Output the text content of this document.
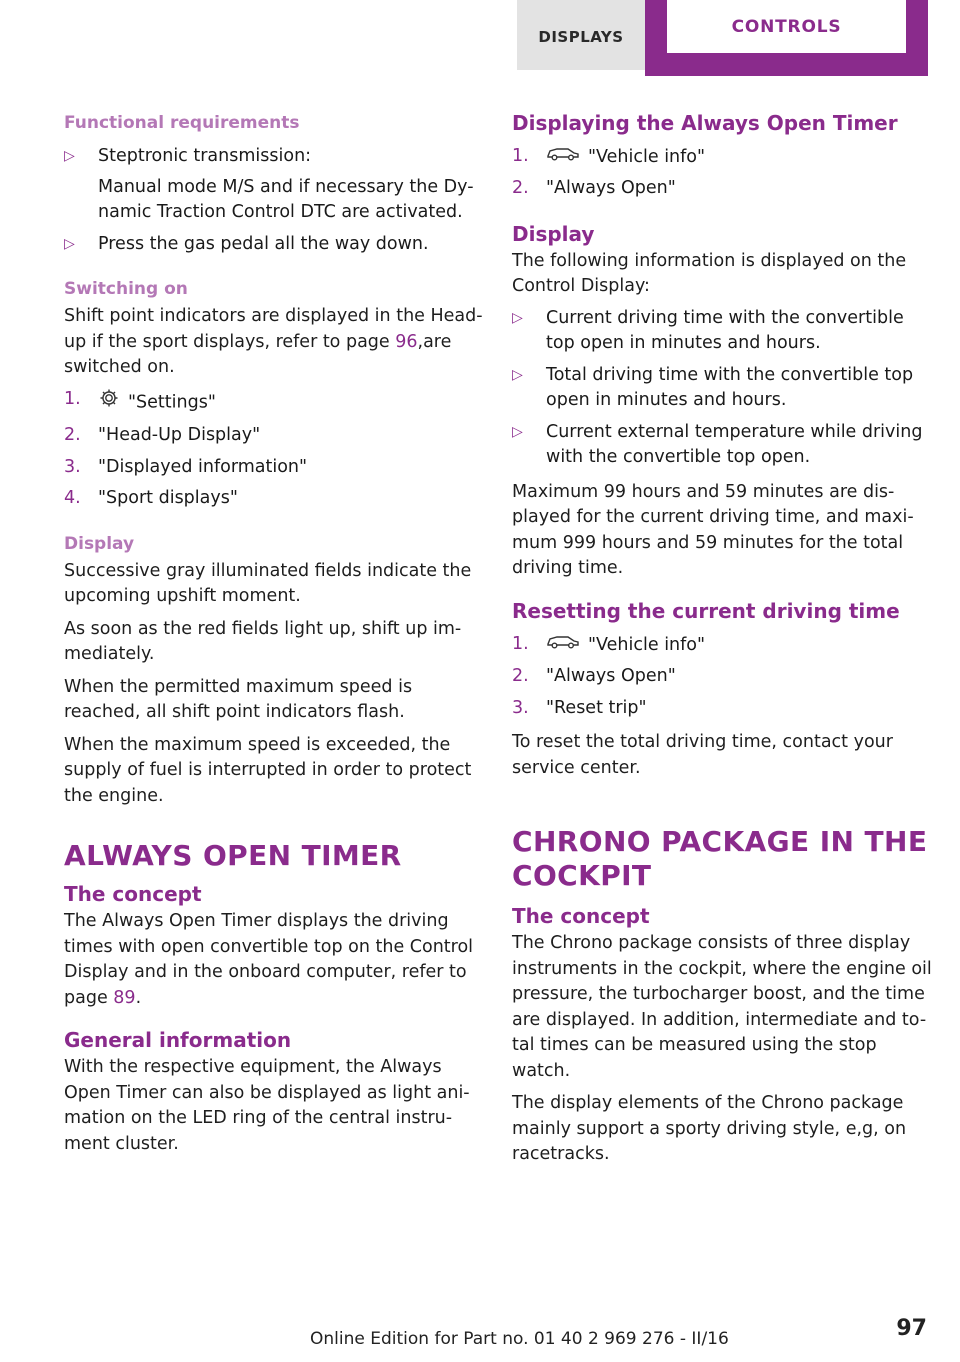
DISPLAYS
CONTROLS
Functional requirements
▷ Steptronic transmission:
Manual mode M/S and if necessary the Dy-namic Traction Control DTC are activated.
▷ Press the gas pedal all the way down.
Switching on
Shift point indicators are displayed in the Head-up if the sport displays, refer to page 96,are switched on.
1.	"Settings"
2. "Head-Up Display"
3. "Displayed information"
4. "Sport displays"
Display
Successive gray illuminated fields indicate the upcoming upshift moment.
As soon as the red fields light up, shift up im-mediately.
When the permitted maximum speed is reached, all shift point indicators flash.
When the maximum speed is exceeded, the supply of fuel is interrupted in order to protect the engine.
ALWAYS OPEN TIMER
The concept
The Always Open Timer displays the driving times with open convertible top on the Control Display and in the onboard computer, refer to page 89.
General information
With the respective equipment, the Always Open Timer can also be displayed as light ani-mation on the LED ring of the central instru-ment cluster.
Displaying the Always Open Timer
1.	"Vehicle info"
2. "Always Open"
Display
The following information is displayed on the Control Display:
▷ Current driving time with the convertible top open in minutes and hours.
▷ Total driving time with the convertible top open in minutes and hours.
▷ Current external temperature while driving with the convertible top open.
Maximum 99 hours and 59 minutes are dis-played for the current driving time, and maxi-mum 999 hours and 59 minutes for the total driving time.
Resetting the current driving time
1.	"Vehicle info"
2. "Always Open"
3. "Reset trip"
To reset the total driving time, contact your service center.
CHRONO PACKAGE IN THE COCKPIT
The concept
The Chrono package consists of three display instruments in the cockpit, where the engine oil pressure, the turbocharger boost, and the time are displayed. In addition, intermediate and to-tal times can be measured using the stop watch.
The display elements of the Chrono package mainly support a sporty driving style, e,g, on racetracks.
Online Edition for Part no. 01 40 2 969 276 - II/16	97
